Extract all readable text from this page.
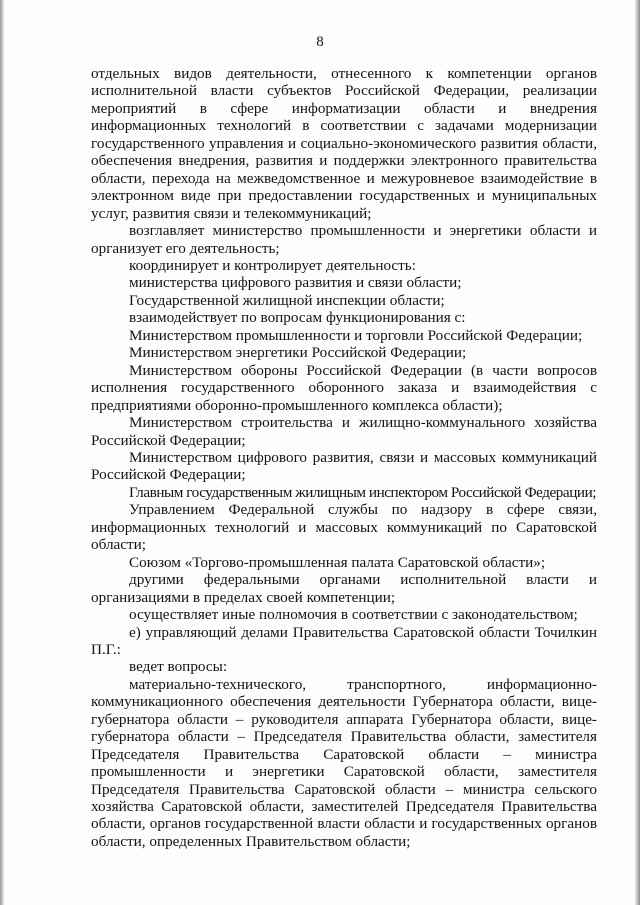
8

отдельных видов деятельности, отнесенного к компетенции органов исполнительной власти субъектов Российской Федерации, реализации мероприятий в сфере информатизации области и внедрения информационных технологий в соответствии с задачами модернизации государственного управления и социально-экономического развития области, обеспечения внедрения, развития и поддержки электронного правительства области, перехода на межведомственное и межуровневое взаимодействие в электронном виде при предоставлении государственных и муниципальных услуг, развития связи и телекоммуникаций;

возглавляет министерство промышленности и энергетики области и организует его деятельность;

координирует и контролирует деятельность:

министерства цифрового развития и связи области;

Государственной жилищной инспекции области;

взаимодействует по вопросам функционирования с:

Министерством промышленности и торговли Российской Федерации;

Министерством энергетики Российской Федерации;

Министерством обороны Российской Федерации (в части вопросов исполнения государственного оборонного заказа и взаимодействия с предприятиями оборонно-промышленного комплекса области);

Министерством строительства и жилищно-коммунального хозяйства Российской Федерации;

Министерством цифрового развития, связи и массовых коммуникаций Российской Федерации;

Главным государственным жилищным инспектором Российской Федерации;

Управлением Федеральной службы по надзору в сфере связи, информационных технологий и массовых коммуникаций по Саратовской области;

Союзом «Торгово-промышленная палата Саратовской области»;

другими федеральными органами исполнительной власти и организациями в пределах своей компетенции;

осуществляет иные полномочия в соответствии с законодательством;

е) управляющий делами Правительства Саратовской области Точилкин П.Г.:

ведет вопросы:

материально-технического, транспортного, информационно-коммуникационного обеспечения деятельности Губернатора области, вице-губернатора области – руководителя аппарата Губернатора области, вице-губернатора области – Председателя Правительства области, заместителя Председателя Правительства Саратовской области – министра промышленности и энергетики Саратовской области, заместителя Председателя Правительства Саратовской области – министра сельского хозяйства Саратовской области, заместителей Председателя Правительства области, органов государственной власти области и государственных органов области, определенных Правительством области;
